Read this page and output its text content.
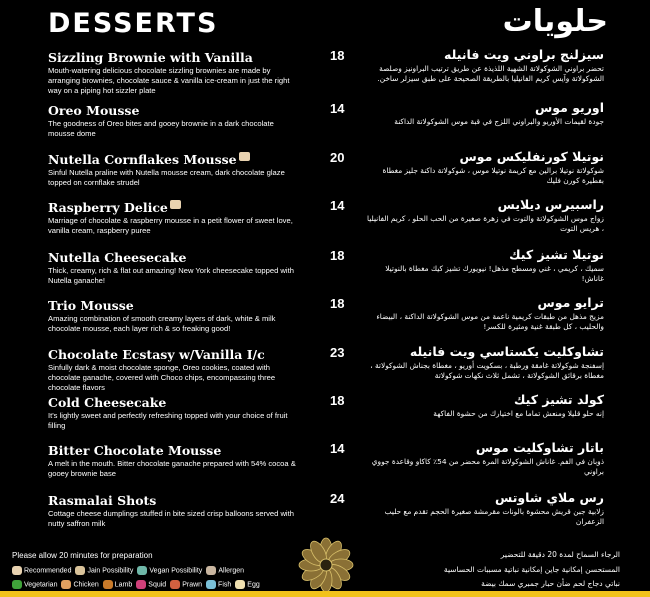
DESSERTS	حلويات
Sizzling Brownie with Vanilla
Mouth-watering delicious chocolate sizzling brownies are made by arranging brownies, chocolate sauce & vanilla ice-cream in just the right way on a piping hot sizzler plate
18	سيزلنج براوني ويت فانيله
تحضر براوني الشوكولاتة الشهية اللذيذة عن طريق ترتيب البراونيز وصلصة الشوكولاتة وآيس كريم الفانيليا بالطريقة الصحيحة على طبق سيزلر ساخن.
Oreo Mousse
The goodness of Oreo bites and gooey brownie in a dark chocolate mousse dome
14	اوريو موس
جودة لقيمات الأوريو والبراوني اللزج في قبة موس الشوكولاتة الداكنة
Nutella Cornflakes Mousse
Sinful Nutella praline with Nutella mousse cream, dark chocolate glaze topped on cornflake strudel
20	نوتيلا كورنفليكس موس
شوكولاتة نوتيلا برالين مع كريمة نوتيلا موس ، شوكولاتة داكنة جليز مغطاة بفطيرة كورن فليك
Raspberry Delice
Marriage of chocolate & raspberry mousse in a petit flower of sweet love, vanilla cream, raspberry puree
14	راسبيرس ديلايس
زواج موس الشوكولاتة والتوت في زهرة صغيرة من الحب الحلو ، كريم الفانيليا ، هريس التوت
Nutella Cheesecake
Thick, creamy, rich & flat out amazing! New York cheesecake topped with Nutella ganache!
18	نوتيلا تشيز كيك
سميك ، كريمي ، غني ومسطح مذهل! نيويورك تشيز كيك مغطاة بالنوتيلا غاناش!
Trio Mousse
Amazing combination of smooth creamy layers of dark, white & milk chocolate mousse, each layer rich & so freaking good!
18	ترايو موس
مزيج مذهل من طبقات كريمية ناعمة من موس الشوكولاتة الداكنة ، البيضاء والحليب ، كل طبقة غنية ومثيرة للكسر!
Chocolate Ecstasy w/Vanilla I/c
Sinfully dark & moist chocolate sponge, Oreo cookies, coated with chocolate ganache, covered with Choco chips, encompassing three chocolate flavors
23	تشاوكليت يكستاسي ويت فانيله
إسفنجة شوكولاتة غامقة ورطبة ، بسكويت أوريو ، مغطاة بجناش الشوكولاتة ، مغطاة برقائق الشوكولاتة ، تشمل ثلاث نكهات شوكولاتة
Cold Cheesecake
It's lightly sweet and perfectly refreshing topped with your choice of fruit filling
18	كولد تشيز كيك
إنه حلو قليلا ومنعش تماما مع اختيارك من حشوة الفاكهة
Bitter Chocolate Mousse
A melt in the mouth. Bitter chocolate ganache prepared with 54% cocoa & gooey brownie base
14	باتار تشاوكليت موس
ذوبان في الفم. غاناش الشوكولاتة المرة محضر من 54٪ كاكاو وقاعدة جووي براوني
Rasmalai Shots
Cottage cheese dumplings stuffed in bite sized crisp balloons served with nutty saffron milk
24	رس ملاي شاوتس
زلابية جبن قريش محشوة بالونات مقرمشة صغيرة الحجم تقدم مع حليب الزعفران
Please allow 20 minutes for preparation
Recommended	Jain Possibility	Vegan Possibility	Allergen
Vegetarian	Chicken	Lamb	Squid	Prawn	Fish	Egg
الرجاء السماح لمدة 20 دقيقة للتحضير
المستحسن إمكانية جاين إمكانية نباتية مسببات الحساسية
نباتي دجاج لحم ضأن حبار جمبري سمك بيضة
